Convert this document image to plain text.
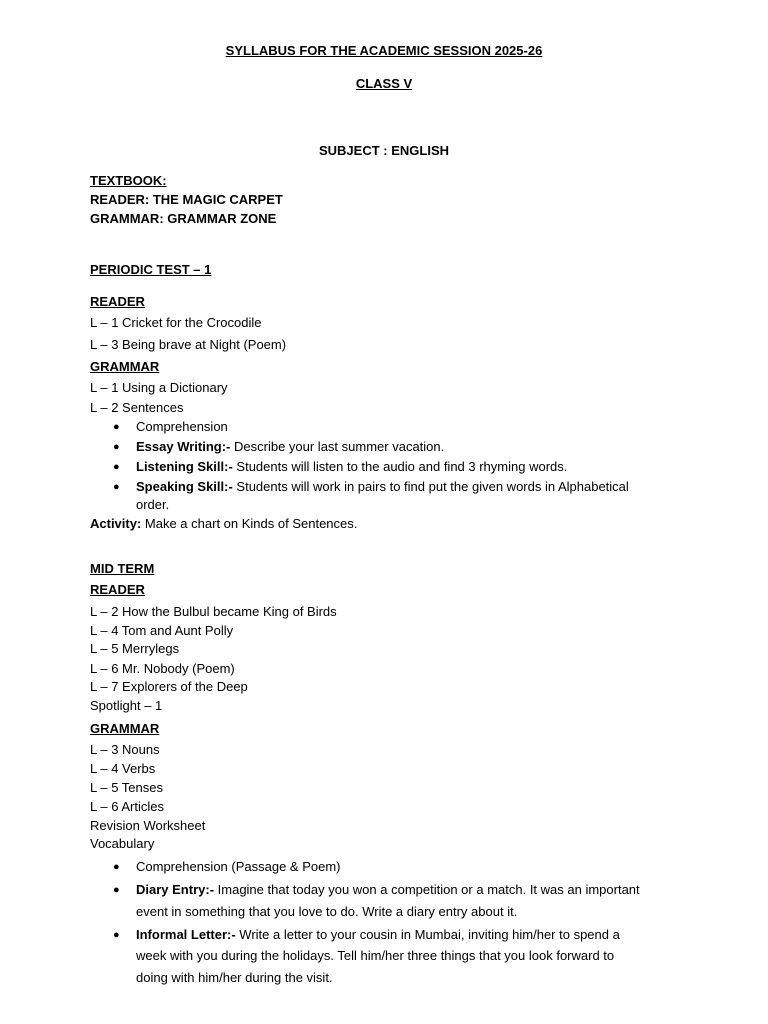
SYLLABUS FOR THE ACADEMIC SESSION 2025-26
CLASS V
SUBJECT : ENGLISH
TEXTBOOK:
READER: THE MAGIC CARPET
GRAMMAR: GRAMMAR ZONE
PERIODIC TEST – 1
READER
L – 1 Cricket for the Crocodile
L – 3 Being brave at Night (Poem)
GRAMMAR
L – 1 Using a Dictionary
L – 2 Sentences
● Comprehension
● Essay Writing:- Describe your last summer vacation.
● Listening Skill:- Students will listen to the audio and find 3 rhyming words.
● Speaking Skill:- Students will work in pairs to find put the given words in Alphabetical
order.
Activity: Make a chart on Kinds of Sentences.
MID TERM
READER
L – 2 How the Bulbul became King of Birds
L – 4 Tom and Aunt Polly
L – 5 Merrylegs
L – 6 Mr. Nobody (Poem)
L – 7 Explorers of the Deep
Spotlight – 1
GRAMMAR
L – 3 Nouns
L – 4 Verbs
L – 5 Tenses
L – 6 Articles
Revision Worksheet
Vocabulary
● Comprehension (Passage & Poem)
● Diary Entry:- Imagine that today you won a competition or a match. It was an important
event in something that you love to do. Write a diary entry about it.
● Informal Letter:- Write a letter to your cousin in Mumbai, inviting him/her to spend a
week with you during the holidays. Tell him/her three things that you look forward to
doing with him/her during the visit.
